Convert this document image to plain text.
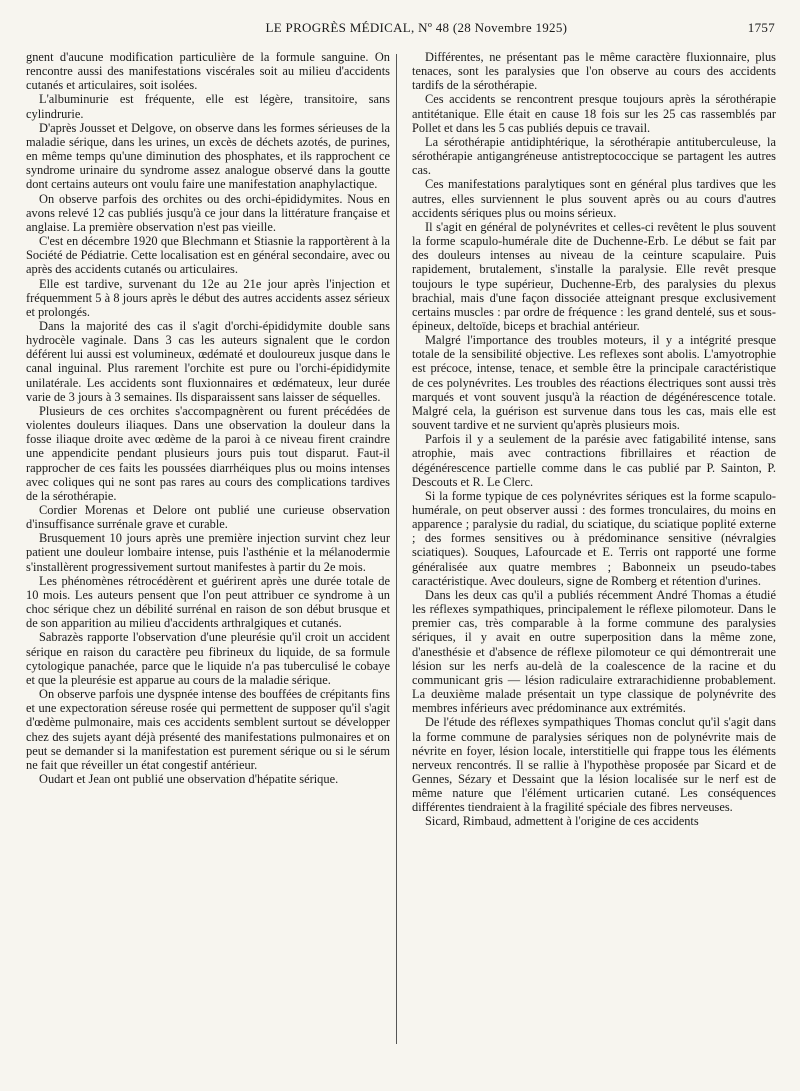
LE PROGRÈS MÉDICAL, Nº 48 (28 Novembre 1925)	1757

gnent d'aucune modification particulière de la formule sanguine. On rencontre aussi des manifestations viscérales soit au milieu d'accidents cutanés et articulaires, soit isolées.

L'albuminurie est fréquente, elle est légère, transitoire, sans cylindrurie.

D'après Jousset et Delgove, on observe dans les formes sérieuses de la maladie sérique, dans les urines, un excès de déchets azotés, de purines, en même temps qu'une diminution des phosphates, et ils rapprochent ce syndrome urinaire du syndrome assez analogue observé dans la goutte dont certains auteurs ont voulu faire une manifestation anaphylactique.

On observe parfois des orchites ou des orchi-épididymites. Nous en avons relevé 12 cas publiés jusqu'à ce jour dans la littérature française et anglaise. La première observation n'est pas vieille.

C'est en décembre 1920 que Blechmann et Stiasnie la rapportèrent à la Société de Pédiatrie. Cette localisation est en général secondaire, avec ou après des accidents cutanés ou articulaires.

Elle est tardive, survenant du 12e au 21e jour après l'injection et fréquemment 5 à 8 jours après le début des autres accidents assez sérieux et prolongés.

Dans la majorité des cas il s'agit d'orchi-épididymite double sans hydrocèle vaginale. Dans 3 cas les auteurs signalent que le cordon déférent lui aussi est volumineux, œdématé et douloureux jusque dans le canal inguinal. Plus rarement l'orchite est pure ou l'orchi-épididymite unilatérale. Les accidents sont fluxionnaires et œdémateux, leur durée varie de 3 jours à 3 semaines. Ils disparaissent sans laisser de séquelles.

Plusieurs de ces orchites s'accompagnèrent ou furent précédées de violentes douleurs iliaques. Dans une observation la douleur dans la fosse iliaque droite avec œdème de la paroi à ce niveau firent craindre une appendicite pendant plusieurs jours puis tout disparut. Faut-il rapprocher de ces faits les poussées diarrhéiques plus ou moins intenses avec coliques qui ne sont pas rares au cours des complications tardives de la sérothérapie.

Cordier Morenas et Delore ont publié une curieuse observation d'insuffisance surrénale grave et curable.

Brusquement 10 jours après une première injection survint chez leur patient une douleur lombaire intense, puis l'asthénie et la mélanodermie s'installèrent progressivement surtout manifestes à partir du 2e mois.

Les phénomènes rétrocédèrent et guérirent après une durée totale de 10 mois. Les auteurs pensent que l'on peut attribuer ce syndrome à un choc sérique chez un débilité surrénal en raison de son début brusque et de son apparition au milieu d'accidents arthralgiques et cutanés.

Sabrazès rapporte l'observation d'une pleurésie qu'il croit un accident sérique en raison du caractère peu fibrineux du liquide, de sa formule cytologique panachée, parce que le liquide n'a pas tuberculisé le cobaye et que la pleurésie est apparue au cours de la maladie sérique.

On observe parfois une dyspnée intense des bouffées de crépitants fins et une expectoration séreuse rosée qui permettent de supposer qu'il s'agit d'œdème pulmonaire, mais ces accidents semblent surtout se développer chez des sujets ayant déjà présenté des manifestations pulmonaires et on peut se demander si la manifestation est purement sérique ou si le sérum ne fait que réveiller un état congestif antérieur.

Oudart et Jean ont publié une observation d'hépatite sérique.

Différentes, ne présentant pas le même caractère fluxionnaire, plus tenaces, sont les paralysies que l'on observe au cours des accidents tardifs de la sérothérapie.

Ces accidents se rencontrent presque toujours après la sérothérapie antitétanique. Elle était en cause 18 fois sur les 25 cas rassemblés par Pollet et dans les 5 cas publiés depuis ce travail.

La sérothérapie antidiphtérique, la sérothérapie antituberculeuse, la sérothérapie antigangréneuse antistreptococcique se partagent les autres cas.

Ces manifestations paralytiques sont en général plus tardives que les autres, elles surviennent le plus souvent après ou au cours d'autres accidents sériques plus ou moins sérieux.

Il s'agit en général de polynévrites et celles-ci revêtent le plus souvent la forme scapulo-humérale dite de Duchenne-Erb. Le début se fait par des douleurs intenses au niveau de la ceinture scapulaire. Puis rapidement, brutalement, s'installe la paralysie. Elle revêt presque toujours le type supérieur, Duchenne-Erb, des paralysies du plexus brachial, mais d'une façon dissociée atteignant presque exclusivement certains muscles : par ordre de fréquence : les grand dentelé, sus et sous-épineux, deltoïde, biceps et brachial antérieur.

Malgré l'importance des troubles moteurs, il y a intégrité presque totale de la sensibilité objective. Les reflexes sont abolis. L'amyotrophie est précoce, intense, tenace, et semble être la principale caractéristique de ces polynévrites. Les troubles des réactions électriques sont aussi très marqués et vont souvent jusqu'à la réaction de dégénérescence totale. Malgré cela, la guérison est survenue dans tous les cas, mais elle est souvent tardive et ne survient qu'après plusieurs mois.

Parfois il y a seulement de la parésie avec fatigabilité intense, sans atrophie, mais avec contractions fibrillaires et réaction de dégénérescence partielle comme dans le cas publié par P. Sainton, P. Descouts et R. Le Clerc.

Si la forme typique de ces polynévrites sériques est la forme scapulo-humérale, on peut observer aussi : des formes tronculaires, du moins en apparence ; paralysie du radial, du sciatique, du sciatique poplité externe ; des formes sensitives ou à prédominance sensitive (névralgies sciatiques). Souques, Lafourcade et E. Terris ont rapporté une forme généralisée aux quatre membres ; Babonneix un pseudo-tabes caractéristique. Avec douleurs, signe de Romberg et rétention d'urines.

Dans les deux cas qu'il a publiés récemment André Thomas a étudié les réflexes sympathiques, principalement le réflexe pilomoteur. Dans le premier cas, très comparable à la forme commune des paralysies sériques, il y avait en outre superposition dans la même zone, d'anesthésie et d'absence de réflexe pilomoteur ce qui démontrerait une lésion sur les nerfs au-delà de la coalescence de la racine et du communicant gris — lésion radiculaire extrarachidienne probablement. La deuxième malade présentait un type classique de polynévrite des membres inférieurs avec prédominance aux extrémités.

De l'étude des réflexes sympathiques Thomas conclut qu'il s'agit dans la forme commune de paralysies sériques non de polynévrite mais de névrite en foyer, lésion locale, interstitielle qui frappe tous les éléments nerveux rencontrés. Il se rallie à l'hypothèse proposée par Sicard et de Gennes, Sézary et Dessaint que la lésion localisée sur le nerf est de même nature que l'élément urticarien cutané. Les conséquences différentes tiendraient à la fragilité spéciale des fibres nerveuses.

Sicard, Rimbaud, admettent à l'origine de ces accidents
